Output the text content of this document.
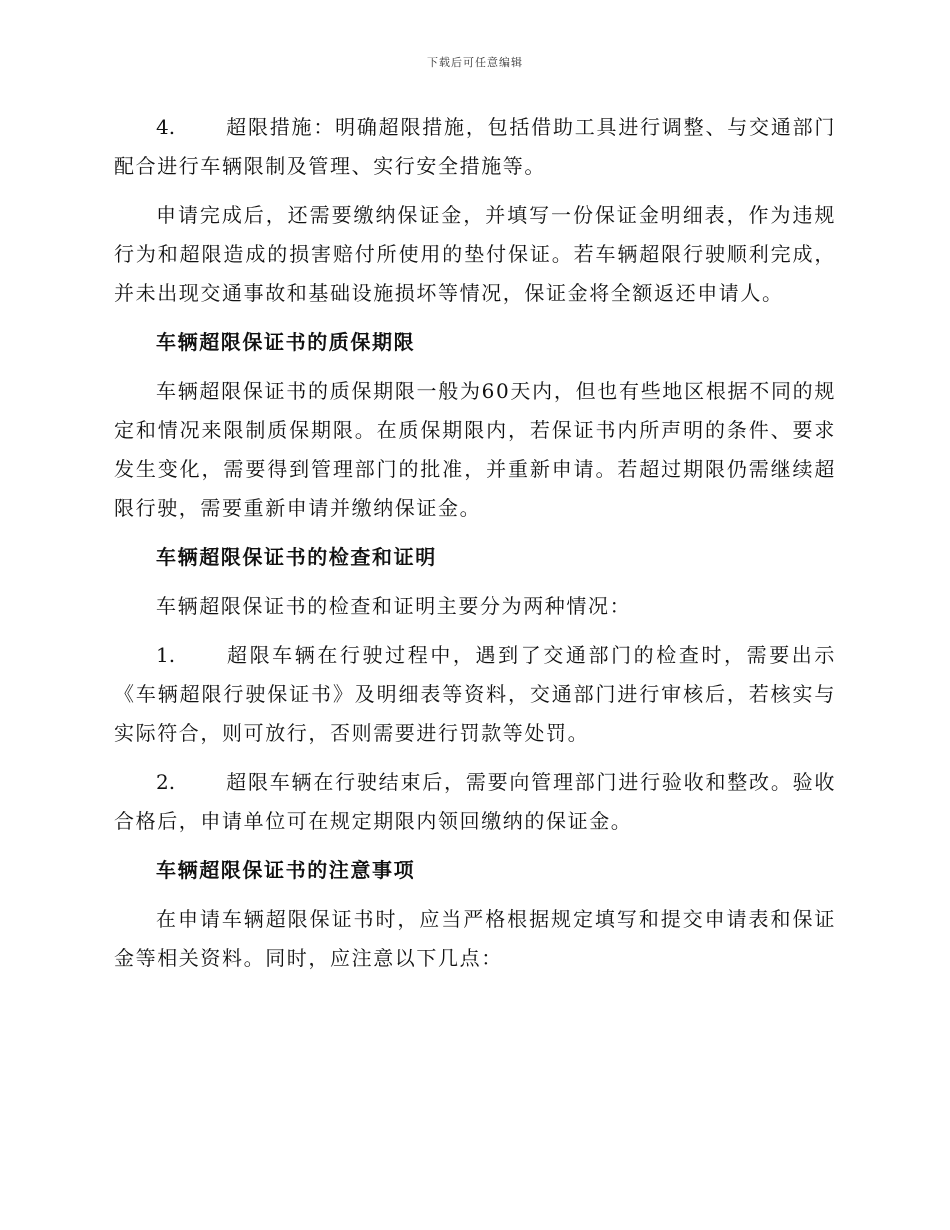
下载后可任意编辑

4.	超限措施：明确超限措施，包括借助工具进行调整、与交通部门配合进行车辆限制及管理、实行安全措施等。

申请完成后，还需要缴纳保证金，并填写一份保证金明细表，作为违规行为和超限造成的损害赔付所使用的垫付保证。若车辆超限行驶顺利完成，并未出现交通事故和基础设施损坏等情况，保证金将全额返还申请人。

车辆超限保证书的质保期限

车辆超限保证书的质保期限一般为60天内，但也有些地区根据不同的规定和情况来限制质保期限。在质保期限内，若保证书内所声明的条件、要求发生变化，需要得到管理部门的批准，并重新申请。若超过期限仍需继续超限行驶，需要重新申请并缴纳保证金。

车辆超限保证书的检查和证明

车辆超限保证书的检查和证明主要分为两种情况：

1.	超限车辆在行驶过程中，遇到了交通部门的检查时，需要出示《车辆超限行驶保证书》及明细表等资料，交通部门进行审核后，若核实与实际符合，则可放行，否则需要进行罚款等处罚。

2.	超限车辆在行驶结束后，需要向管理部门进行验收和整改。验收合格后，申请单位可在规定期限内领回缴纳的保证金。

车辆超限保证书的注意事项

在申请车辆超限保证书时，应当严格根据规定填写和提交申请表和保证金等相关资料。同时，应注意以下几点：
